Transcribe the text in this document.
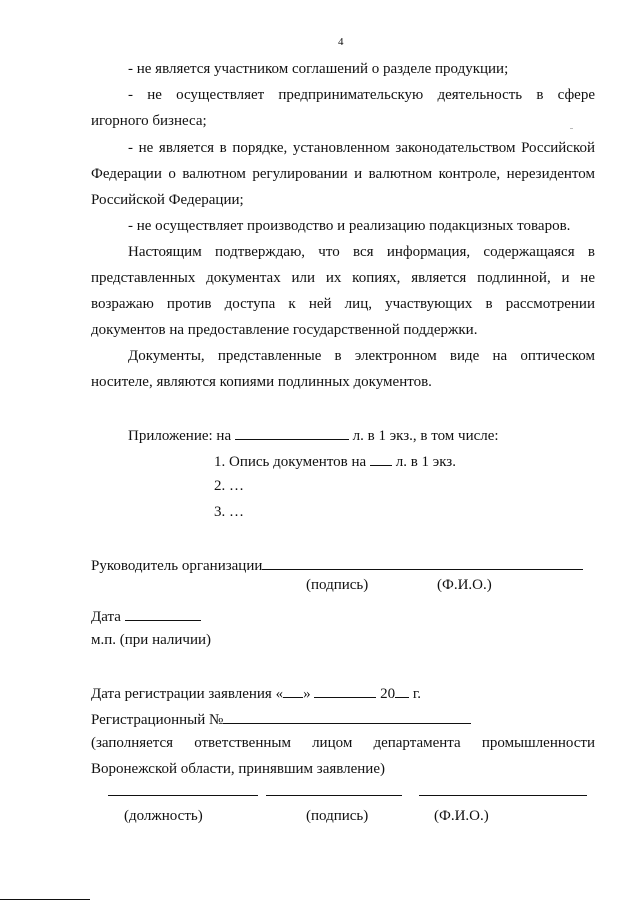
4
- не является участником соглашений о разделе продукции;
- не осуществляет предпринимательскую деятельность в сфере
игорного бизнеса;
- не является в порядке, установленном законодательством Российской
Федерации о валютном регулировании и валютном контроле, нерезидентом
Российской Федерации;
- не осуществляет производство и реализацию подакцизных товаров.
Настоящим подтверждаю, что вся информация, содержащаяся в
представленных документах или их копиях, является подлинной, и не
возражаю против доступа к ней лиц, участвующих в рассмотрении
документов на предоставление государственной поддержки.
Документы, представленные в электронном виде на оптическом
носителе, являются копиями подлинных документов.
Приложение: на	л. в 1 экз., в том числе:
1. Опись документов на л. в 1 экз.
2. …
3. …
Руководитель организации
(подпись)	(Ф.И.О.)
Дата
м.п. (при наличии)
Дата регистрации заявления « »	20 г.
Регистрационный №
(заполняется ответственным лицом департамента промышленности
Воронежской области, принявшим заявление)
(должность)	(подпись)	(Ф.И.О.)
